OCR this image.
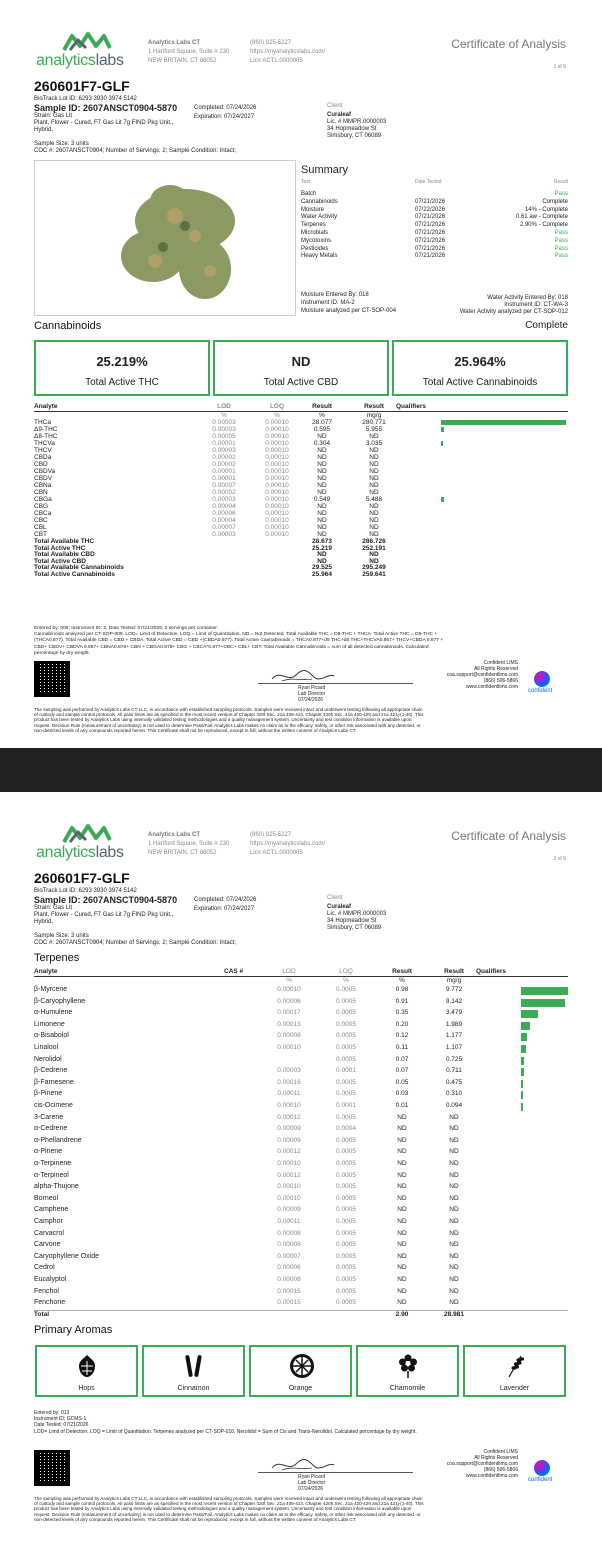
analyticslabs
Analytics Labs CT
1 Hartford Square, Suite # 230
NEW BRITAIN, CT 06052
(860) 925-5227
https://myanalyticslabs.com/
Lic# ACTL.0000005
Certificate of Analysis
1 of 5
260601F7-GLF
BioTrack Lot ID: 6293 3930 3974 5142
Sample ID: 2607ANSCT0904-5870
Strain: Gas Lit
Plant, Flower - Cured, F7 Gas Lit 7g FIND Pkg Unit.,
Hybrid,
Completed: 07/24/2026
Expiration: 07/24/2027
Client
Curaleaf
Lic. # MMPR.0000003
34 Hopmeadow St
Simsbury, CT 06089
Sample Size: 3 units
COC #: 2607ANSCT0904; Number of Servings: 2; Sample Condition: Intact;
Summary
Test	Date Tested	Result
Batch	Pass
Cannabinoids	07/21/2026	Complete
Moisture	07/22/2026	14% - Complete
Water Activity	07/21/2026	0.61 aw - Complete
Terpenes	07/21/2026	2.90% - Complete
Microbials	07/21/2026	Pass
Mycotoxins	07/21/2026	Pass
Pesticides	07/21/2026	Pass
Heavy Metals	07/21/2026	Pass
Moisture Entered By: 018
Instrument ID: MA-2
Moisture analyzed per CT-SOP-004
Water Activity Entered By: 018
Instrument ID: CT-WA-3
Water Activity analyzed per CT-SOP-012
Cannabinoids	Complete
25.219%
Total Active THC
ND
Total Active CBD
25.964%
Total Active Cannabinoids
Analyte	LOD	LOQ	Result	Result	Qualifiers
%	%	%	mg/g
THCa	0.00003	0.00010	28.077	280.771
Δ9-THC	0.00003	0.00010	0.595	5.955
Δ8-THC	0.00005	0.00010	ND	ND
THCVa	0.00001	0.00010	0.304	3.035
THCV	0.00003	0.00010	ND	ND
CBDa	0.00002	0.00010	ND	ND
CBD	0.00002	0.00010	ND	ND
CBDVa	0.00001	0.00010	ND	ND
CBDV	0.00001	0.00010	ND	ND
CBNa	0.00007	0.00010	ND	ND
CBN	0.00002	0.00010	ND	ND
CBGa	0.00003	0.00010	0.549	5.488
CBG	0.00004	0.00010	ND	ND
CBCa	0.00006	0.00010	ND	ND
CBC	0.00004	0.00010	ND	ND
CBL	0.00007	0.00010	ND	ND
CBT	0.00003	0.00010	ND	ND
Total Available THC	28.673	286.726
Total Active THC	25.219	252.191
Total Available CBD	ND	ND
Total Active CBD	ND	ND
Total Available Cannabinoids	29.525	295.249
Total Active Cannabinoids	25.964	259.641
Entered by: 005; Instrument ID: 2; Date Tested: 07/21/2026; 2 servings per container.
Cannabinoids analyzed per CT-SOP-009. LOD= Limit of Detection, LOQ = Limit of Quantitation, ND = Not Detected. Total Available THC = D9-THC + THCA. Total Active THC = D9-THC +
(THCA0.877). Total Available CBD = CBD + CBDA. Total Active CBD = CBD +(CBDA0.877). Total Active Cannabinoids = THCA0.877+d9 THC+d8 THC+THCVA0.867+ THCV+CBDA 0.877 +
CBD+ CBDV+ CBDVA 0.867+ CBNA0.876+ CBN + CBGA0.878+ CBG + CBCA*0.877+CBC+ CBL+ CBT. Total Available Cannabinoids = sum of all detected cannabinoids. Calculated
percentage by dry weight.
Ryan Picard
Lab Director
07/24/2026
Confident LIMS
All Rights Reserved
coa.support@confidentlims.com
(866) 506-5866
www.confidentlims.com
confident
The sampling was performed by Analytics Labs CT LLC, in accordance with established sampling protocols. Samples were received intact and underwent testing following all appropriate chain
of custody and sample control protocols. All pass limits are as specified in the most recent version of Chapter 420f Sec. 21a 408-414, Chapter 420h Sec. 21a 420-429 and 21a 421j-(1-40). This
product has been tested by Analytics Labs using internally validated testing methodologies and a quality management system. Uncertainty and test condition information is available upon
request. Decision Rule (measurement of uncertainty) is not used to determine Pass/Fail. Analytics Labs makes no claim as to the efficacy, safety, or other risk associated with any detected, or
non-detected levels of any compounds reported herein. This Certificate shall not be reproduced, except in full, without the written consent of Analytics Labs CT.
analyticslabs
Analytics Labs CT
1 Hartford Square, Suite # 230
NEW BRITAIN, CT 06052
(860) 925-5227
https://myanalyticslabs.com/
Lic# ACTL.0000005
Certificate of Analysis
2 of 5
260601F7-GLF
BioTrack Lot ID: 6293 3930 3974 5142
Sample ID: 2607ANSCT0904-5870
Strain: Gas Lit
Plant, Flower - Cured, F7 Gas Lit 7g FIND Pkg Unit.,
Hybrid,
Completed: 07/24/2026
Expiration: 07/24/2027
Client
Curaleaf
Lic. # MMPR.0000003
34 Hopmeadow St
Simsbury, CT 06089
Sample Size: 3 units
COC #: 2607ANSCT0904; Number of Servings: 2; Sample Condition: Intact;
Terpenes
Analyte	CAS #	LOD	LOQ	Result	Result	Qualifiers
%	%	%	mg/g
β-Myrcene	0.00010	0.0005	0.98	9.772
β-Caryophyllene	0.00006	0.0005	0.91	9.142
α-Humulene	0.00017	0.0005	0.35	3.479
Limonene	0.00013	0.0005	0.20	1.989
α-Bisabolol	0.00008	0.0005	0.12	1.177
Linalool	0.00010	0.0005	0.11	1.107
Nerolidol	0.0005	0.07	0.725
β-Cedrene	0.00003	0.0001	0.07	0.711
β-Farnesene	0.00016	0.0005	0.05	0.475
β-Pinene	0.00011	0.0005	0.03	0.310
cis-Ocimene	0.00010	0.0001	0.01	0.094
3-Carene	0.00012	0.0005	ND	ND
α-Cedrene	0.00009	0.0004	ND	ND
α-Phellandrene	0.00009	0.0005	ND	ND
α-Pinene	0.00012	0.0005	ND	ND
α-Terpinene	0.00010	0.0005	ND	ND
α-Terpineol	0.00012	0.0005	ND	ND
alpha-Thujone	0.00010	0.0005	ND	ND
Borneol	0.00010	0.0005	ND	ND
Camphene	0.00009	0.0005	ND	ND
Camphor	0.00011	0.0005	ND	ND
Carvacrol	0.00008	0.0005	ND	ND
Carvone	0.00008	0.0005	ND	ND
Caryophyllene Oxide	0.00007	0.0005	ND	ND
Cedrol	0.00006	0.0005	ND	ND
Eucalyptol	0.00008	0.0005	ND	ND
Fenchol	0.00015	0.0005	ND	ND
Fenchone	0.00015	0.0005	ND	ND
Total	2.90	28.981
Primary Aromas
Hops	Cinnamon	Orange	Chamomile	Lavender
Entered by: 013
Instrument ID: GCMS-1
Date Tested: 07/21/2026
LOD= Limit of Detection, LOQ = Limit of Quantitation. Terpenes analyzed per CT-SOP-010. Nerolidol = Sum of Cis and Trans-Nerolidol. Calculated percentage by dry weight.
Ryan Picard
Lab Director
07/24/2026
Confident LIMS
All Rights Reserved
coa.support@confidentlims.com
(866) 506-5866
www.confidentlims.com
confident
The sampling was performed by Analytics Labs CT LLC, in accordance with established sampling protocols. Samples were received intact and underwent testing following all appropriate chain
of custody and sample control protocols. All pass limits are as specified in the most recent version of Chapter 420f Sec. 21a 408-414, Chapter 420h Sec. 21a 420-429 and 21a 421j-(1-40). This
product has been tested by Analytics Labs using internally validated testing methodologies and a quality management system. Uncertainty and test condition information is available upon
request. Decision Rule (measurement of uncertainty) is not used to determine Pass/Fail. Analytics Labs makes no claim as to the efficacy, safety, or other risk associated with any detected, or
non-detected levels of any compounds reported herein. This Certificate shall not be reproduced, except in full, without the written consent of Analytics Labs CT.
